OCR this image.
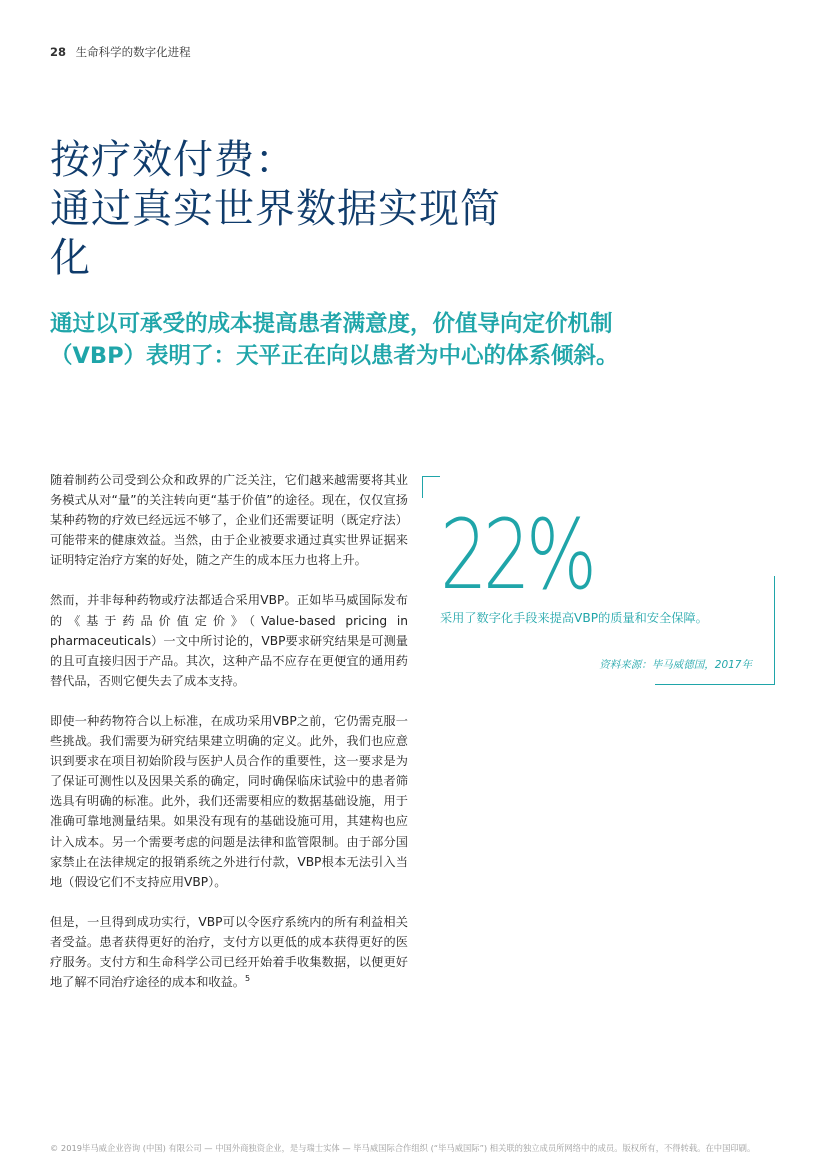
28 生命科学的数字化进程
按疗效付费：
通过真实世界数据实现简
化
通过以可承受的成本提高患者满意度，价值导向定价机制
（VBP）表明了：天平正在向以患者为中心的体系倾斜。

随着制药公司受到公众和政界的广泛关注，它们越来越需要将其业务模式从对“量”的关注转向更“基于价值”的途径。现在，仅仅宣扬某种药物的疗效已经远远不够了，企业们还需要证明（既定疗法）可能带来的健康效益。当然，由于企业被要求通过真实世界证据来证明特定治疗方案的好处，随之产生的成本压力也将上升。

然而，并非每种药物或疗法都适合采用VBP。正如毕马威国际发布的《基于药品价值定价》（Value-based pricing in pharmaceuticals）一文中所讨论的，VBP要求研究结果是可测量的且可直接归因于产品。其次，这种产品不应存在更便宜的通用药替代品，否则它便失去了成本支持。

即使一种药物符合以上标准，在成功采用VBP之前，它仍需克服一些挑战。我们需要为研究结果建立明确的定义。此外，我们也应意识到要求在项目初始阶段与医护人员合作的重要性，这一要求是为了保证可测性以及因果关系的确定，同时确保临床试验中的患者筛选具有明确的标准。此外，我们还需要相应的数据基础设施，用于准确可靠地测量结果。如果没有现有的基础设施可用，其建构也应计入成本。另一个需要考虑的问题是法律和监管限制。由于部分国家禁止在法律规定的报销系统之外进行付款，VBP根本无法引入当地（假设它们不支持应用VBP）。

但是，一旦得到成功实行，VBP可以令医疗系统内的所有利益相关者受益。患者获得更好的治疗，支付方以更低的成本获得更好的医疗服务。支付方和生命科学公司已经开始着手收集数据，以便更好地了解不同治疗途径的成本和收益。$^5$

22%
采用了数字化手段来提高VBP的质量和安全保障。
资料来源：毕马威德国，2017年
© 2019毕马威企业咨询 (中国) 有限公司 — 中国外商独资企业，是与瑞士实体 — 毕马威国际合作组织 (“毕马威国际”) 相关联的独立成员所网络中的成员。版权所有，不得转载。在中国印刷。
